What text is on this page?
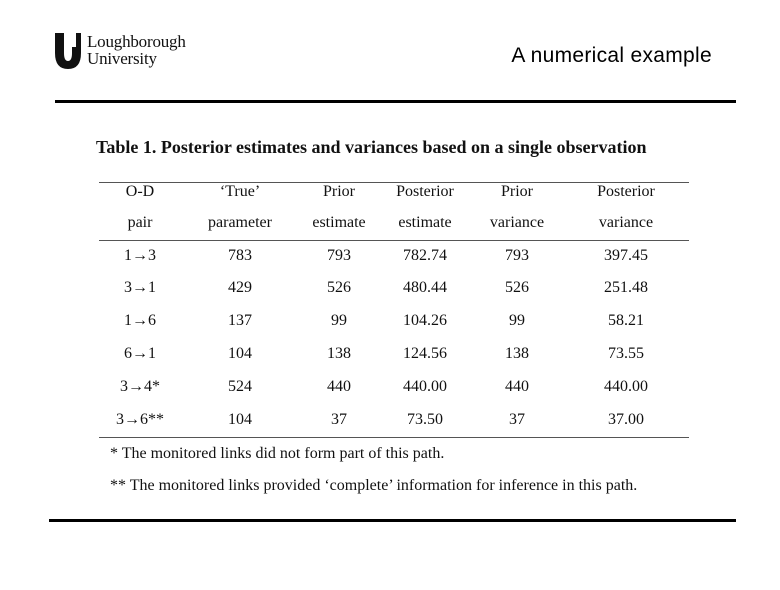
Loughborough
University	A numerical example
Table 1. Posterior estimates and variances based on a single observation
O-D	‘True’	Prior	Posterior	Prior	Posterior
pair	parameter	estimate	estimate	variance	variance
1→3	783	793	782.74	793	397.45
3→1	429	526	480.44	526	251.48
1→6	137	99	104.26	99	58.21
6→1	104	138	124.56	138	73.55
3→4*	524	440	440.00	440	440.00
3→6**	104	37	73.50	37	37.00
* The monitored links did not form part of this path.
** The monitored links provided ‘complete’ information for inference in this path.
